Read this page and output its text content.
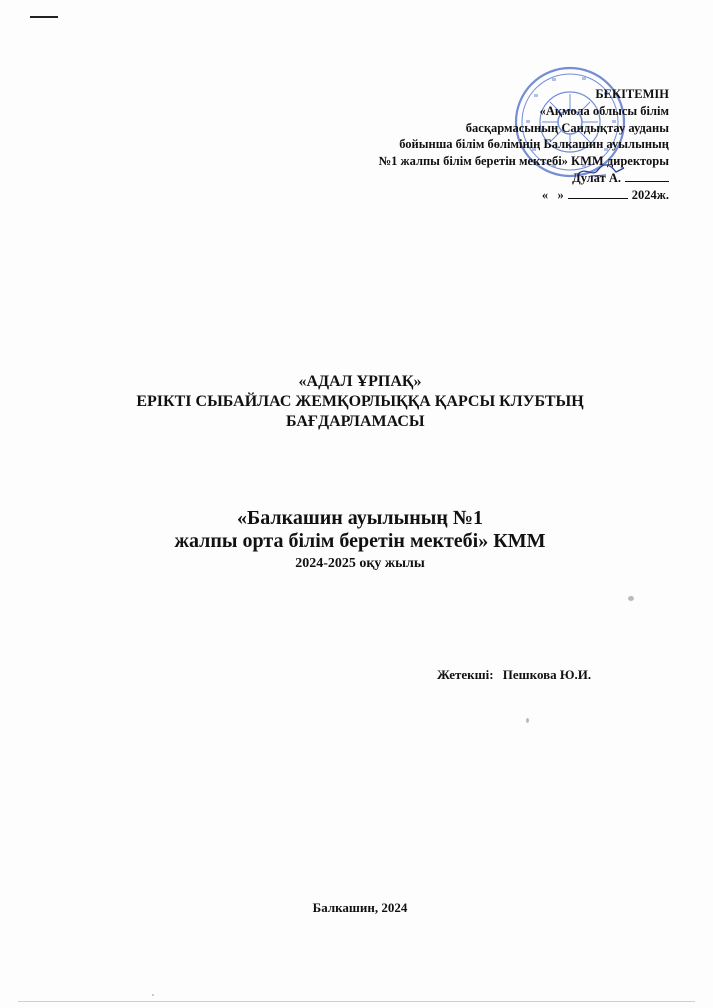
БЕКІТЕМІН
«Ақмола облысы білім
басқармасының Сандықтау ауданы
бойынша білім бөлімінің Балкашин ауылының
№1 жалпы білім беретін мектебі» КММ директоры
Дулат А.
« »	2024ж.
«АДАЛ ҰРПАҚ»
ЕРІКТІ СЫБАЙЛАС ЖЕМҚОРЛЫҚҚА ҚАРСЫ КЛУБТЫҢ
БАҒДАРЛАМАСЫ
«Балкашин ауылының №1
жалпы орта білім беретін мектебі» КММ
2024-2025 оқу жылы
Жетекші: Пешкова Ю.И.
Балкашин, 2024
